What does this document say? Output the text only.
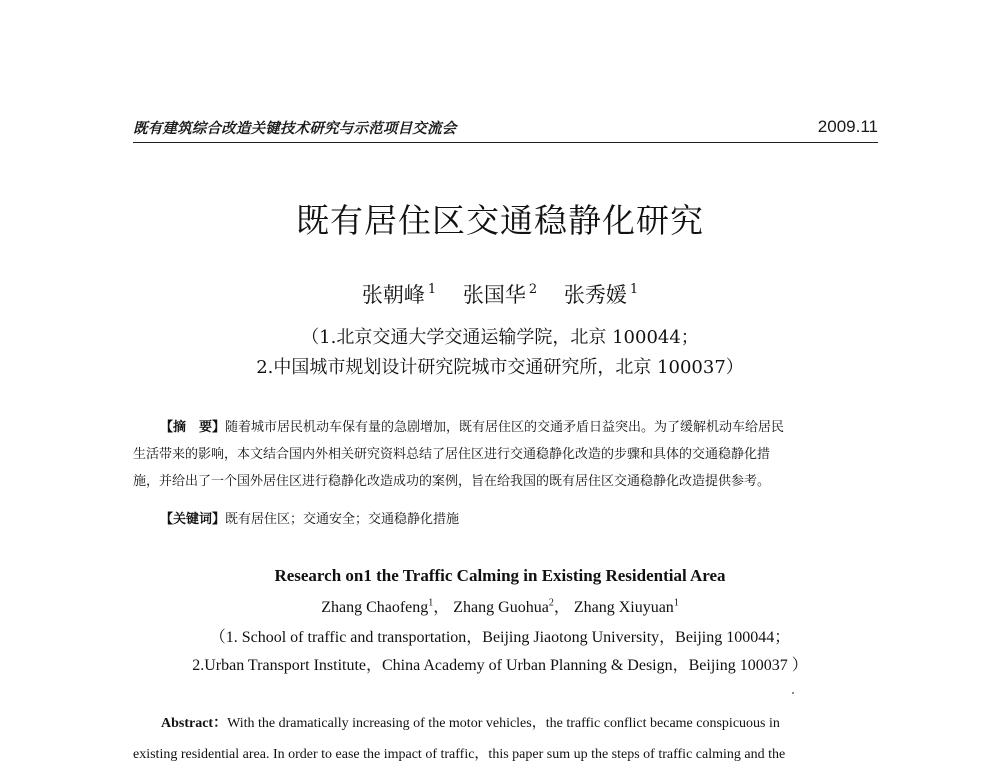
既有建筑综合改造关键技术研究与示范项目交流会	2009.11
既有居住区交通稳静化研究
张朝峰 $^1$ 张国华 $^2$ 张秀媛 $^1$
（1.北京交通大学交通运输学院，北京 100044；
2.中国城市规划设计研究院城市交通研究所，北京 100037）

【摘　要】随着城市居民机动车保有量的急剧增加，既有居住区的交通矛盾日益突出。为了缓解机动车给居民

生活带来的影响，本文结合国内外相关研究资料总结了居住区进行交通稳静化改造的步骤和具体的交通稳静化措

施，并给出了一个国外居住区进行稳静化改造成功的案例，旨在给我国的既有居住区交通稳静化改造提供参考。

【关键词】既有居住区；交通安全；交通稳静化措施
Research on1 the Traffic Calming in Existing Residential Area
Zhang Chaofeng$^1$， Zhang Guohua$^2$， Zhang Xiuyuan$^1$
（1. School of traffic and transportation，Beijing Jiaotong University，Beijing 100044；
2.Urban Transport Institute，China Academy of Urban Planning & Design，Beijing 100037 ）

Abstract：With the dramatically increasing of the motor vehicles，the traffic conflict became conspicuous in

existing residential area. In order to ease the impact of traffic，this paper sum up the steps of traffic calming and the
